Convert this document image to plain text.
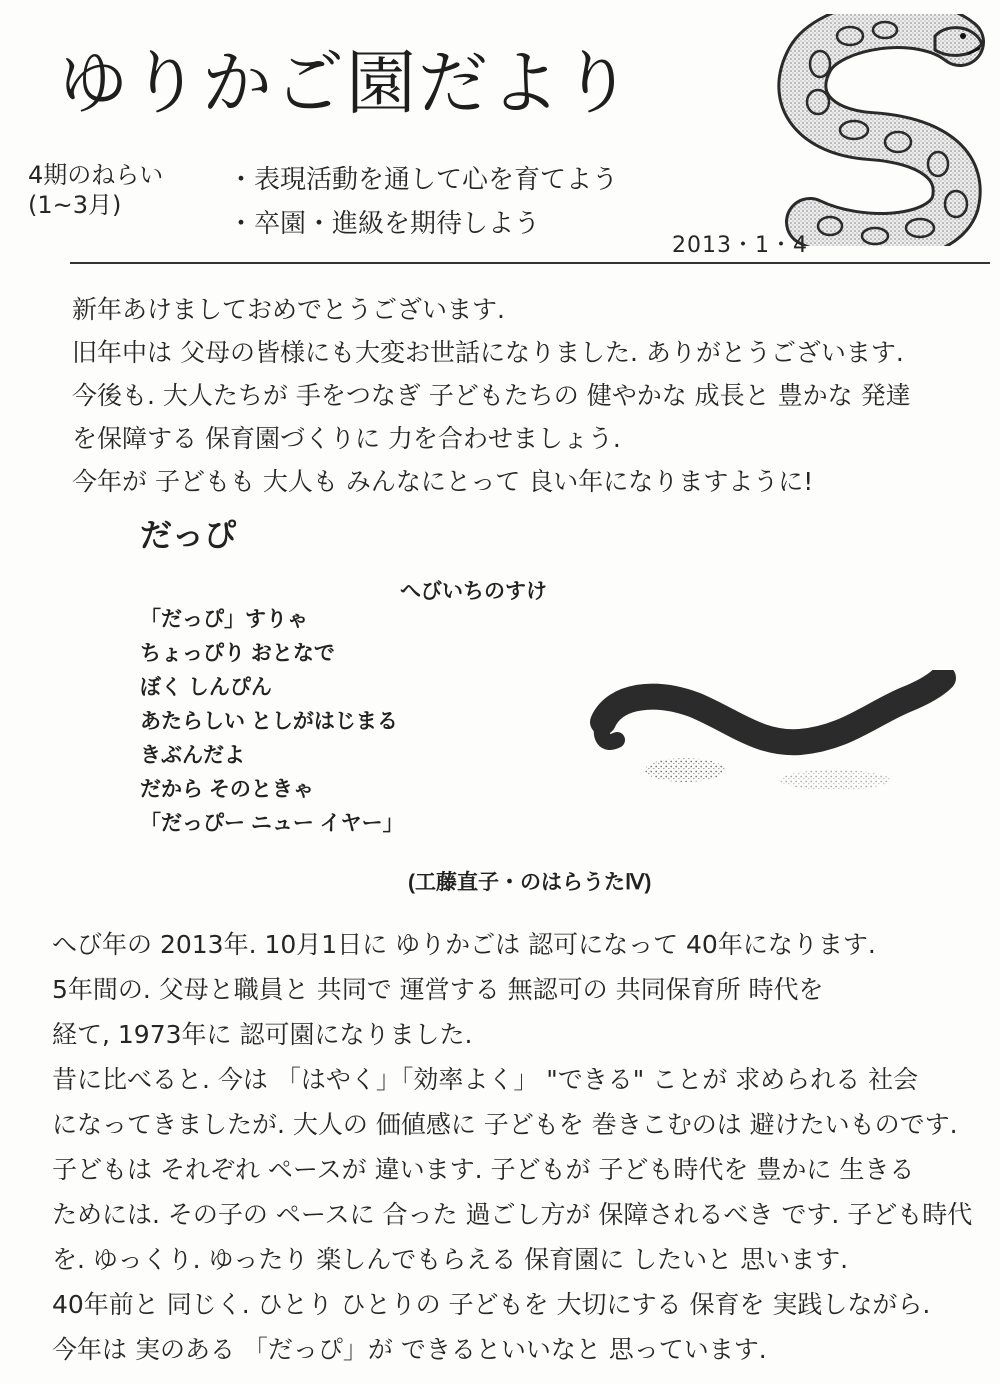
ゆりかご園だより
4期のねらい
(1~3月)
・表現活動を通して心を育てよう
・卒園・進級を期待しよう
2013・1・4

新年あけましておめでとうございます.

旧年中は 父母の皆様にも大変お世話になりました. ありがとうございます.

今後も. 大人たちが 手をつなぎ 子どもたちの 健やかな 成長と 豊かな 発達

を保障する 保育園づくりに 力を合わせましょう.

今年が 子どもも 大人も みんなにとって 良い年になりますように!

だっぴ
へびいちのすけ
「だっぴ」すりゃ
ちょっぴり おとなで
ぼく しんぴん
あたらしい としがはじまる
きぶんだよ
だから そのときゃ
「だっぴー ニュー イヤー」
(工藤直子・のはらうたⅣ)

へび年の 2013年. 10月1日に ゆりかごは 認可になって 40年になります.

5年間の. 父母と職員と 共同で 運営する 無認可の 共同保育所 時代を

経て, 1973年に 認可園になりました.

昔に比べると. 今は 「はやく」「効率よく」 "できる" ことが 求められる 社会

になってきましたが. 大人の 価値感に 子どもを 巻きこむのは 避けたいものです.

子どもは それぞれ ペースが 違います. 子どもが 子ども時代を 豊かに 生きる

ためには. その子の ペースに 合った 過ごし方が 保障されるべき です. 子ども時代

を. ゆっくり. ゆったり 楽しんでもらえる 保育園に したいと 思います.

40年前と 同じく. ひとり ひとりの 子どもを 大切にする 保育を 実践しながら.

今年は 実のある 「だっぴ」が できるといいなと 思っています.
